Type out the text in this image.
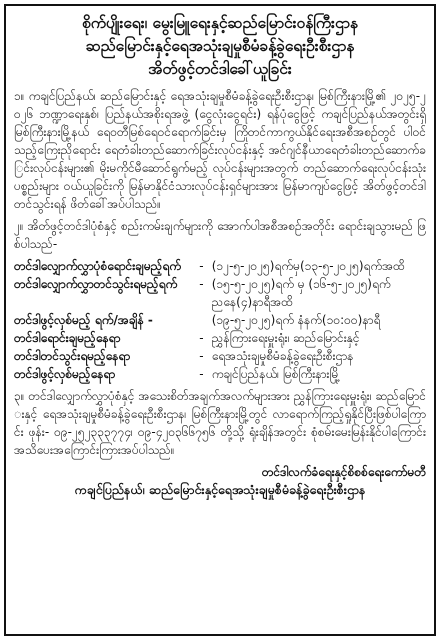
စိုက်ပျိုးရေး၊ မွေးမြူရေးနှင့်ဆည်မြောင်းဝန်ကြီးဌာန

ဆည်မြောင်းနှင့်ရေအသုံးချမှုစီမံခန့်ခွဲရေးဦးစီးဌာန

အိတ်ဖွင့်တင်ဒါခေါ်ယူခြင်း

၁။ ကချင်ပြည်နယ်၊ ဆည်မြောင်းနှင့် ရေအသုံးချမှုစီမံခန့်ခွဲရေးဦးစီးဌာန၊ မြစ်ကြီးနားမြို့၏ ၂၀၂၅-၂၀၂၆ ဘဏ္ဍာရေးနှစ်၊ ပြည်နယ်အစိုးရအဖွဲ့ (ငွေလုံးငွေရင်း) ရန်ပုံငွေဖြင့် ကချင်ပြည်နယ်အတွင်းရှိ မြစ်ကြီးနားမြို့နယ် ရေဝတီမြစ်ရေဝင်ရောက်ခြင်းမှ ကြိုတင်ကာကွယ်နိုင်ရေးအစီအစဉ်တွင် ပါဝင်သည့်ကြေးညိုရောင်း ရေတံခါးတည်ဆောက်ခြင်းလုပ်ငန်းနှင့် အင်ဂျင်နီယာရေတံခါးတည်ဆောက်ခြင်းလုပ်ငန်းများ၏ မိုးမကိုင်မီဆောင်ရွက်မည့် လုပ်ငန်းများအတွက် တည်ဆောက်ရေးလုပ်ငန်းသုံးပစ္စည်းများ ဝယ်ယူခြင်းကို မြန်မာနိုင်ငံသားလုပ်ငန်းရှင်များအား မြန်မာကျပ်ငွေဖြင့် အိတ်ဖွင့်တင်ဒါတင်သွင်းရန် ဖိတ်ခေါ်အပ်ပါသည်။

၂။ အိတ်ဖွင့်တင်ဒါပုံစံနှင့် စည်းကမ်းချက်များကို အောက်ပါအစီအစဉ်အတိုင်း ရောင်းချသွားမည် ဖြစ်ပါသည်-

တင်ဒါလျှောက်လွှာပုံစံရောင်းချမည့်ရက်	-	(၁၂-၅-၂၀၂၅)ရက်မှ(၁၃-၅-၂၀၂၅)ရက်အထိ
တင်ဒါလျှောက်လွှာတင်သွင်းရမည့်ရက်	-	(၁၅-၅-၂၀၂၅)ရက် မှ (၁၆-၅-၂၀၂၅)ရက်ညနေ(၄)နာရီအထိ
တင်ဒါဖွင့်လှစ်မည့် ရက်/အချိန် -		(၁၉-၅-၂၀၂၅)ရက် နံနက်(၁၀:၀၀)နာရီ
တင်ဒါရောင်းချမည့်နေရာ	-	ညွှန်ကြားရေးမှူးရုံး၊ ဆည်မြောင်းနှင့်
တင်ဒါတင်သွင်းရမည့်နေရာ	-	ရေအသုံးချမှုစီမံခန့်ခွဲရေးဦးစီးဌာန
တင်ဒါဖွင့်လှစ်မည့်နေရာ	-	ကချင်ပြည်နယ်၊ မြစ်ကြီးနားမြို့

၃။ တင်ဒါလျှောက်လွှာပုံစံနှင့် အသေးစိတ်အချက်အလက်များအား ညွှန်ကြားရေးမှူးရုံး၊ ဆည်မြောင်းနှင့် ရေအသုံးချမှုစီမံခန့်ခွဲရေးဦးစီးဌာန၊ မြစ်ကြီးနားမြို့တွင် လာရောက်ကြည့်ရှုနိုင်ပြီးဖြစ်ပါကြောင်း ဖုန်း- ၀၉-၂၅၂၃၃၃၇၇၄၊ ၀၉-၄၂၀၃၆၆၇၅၆ တို့သို့ ရုံးချိန်အတွင်း စုံစမ်းမေးမြန်းနိုင်ပါကြောင်း အသိပေးအကြောင်းကြားအပ်ပါသည်။

တင်ဒါလက်ခံရေးနှင့်စိစစ်ရေးကော်မတီ

ကချင်ပြည်နယ်၊ ဆည်မြောင်းနှင့်ရေအသုံးချမှုစီမံခန့်ခွဲရေးဦးစီးဌာန
